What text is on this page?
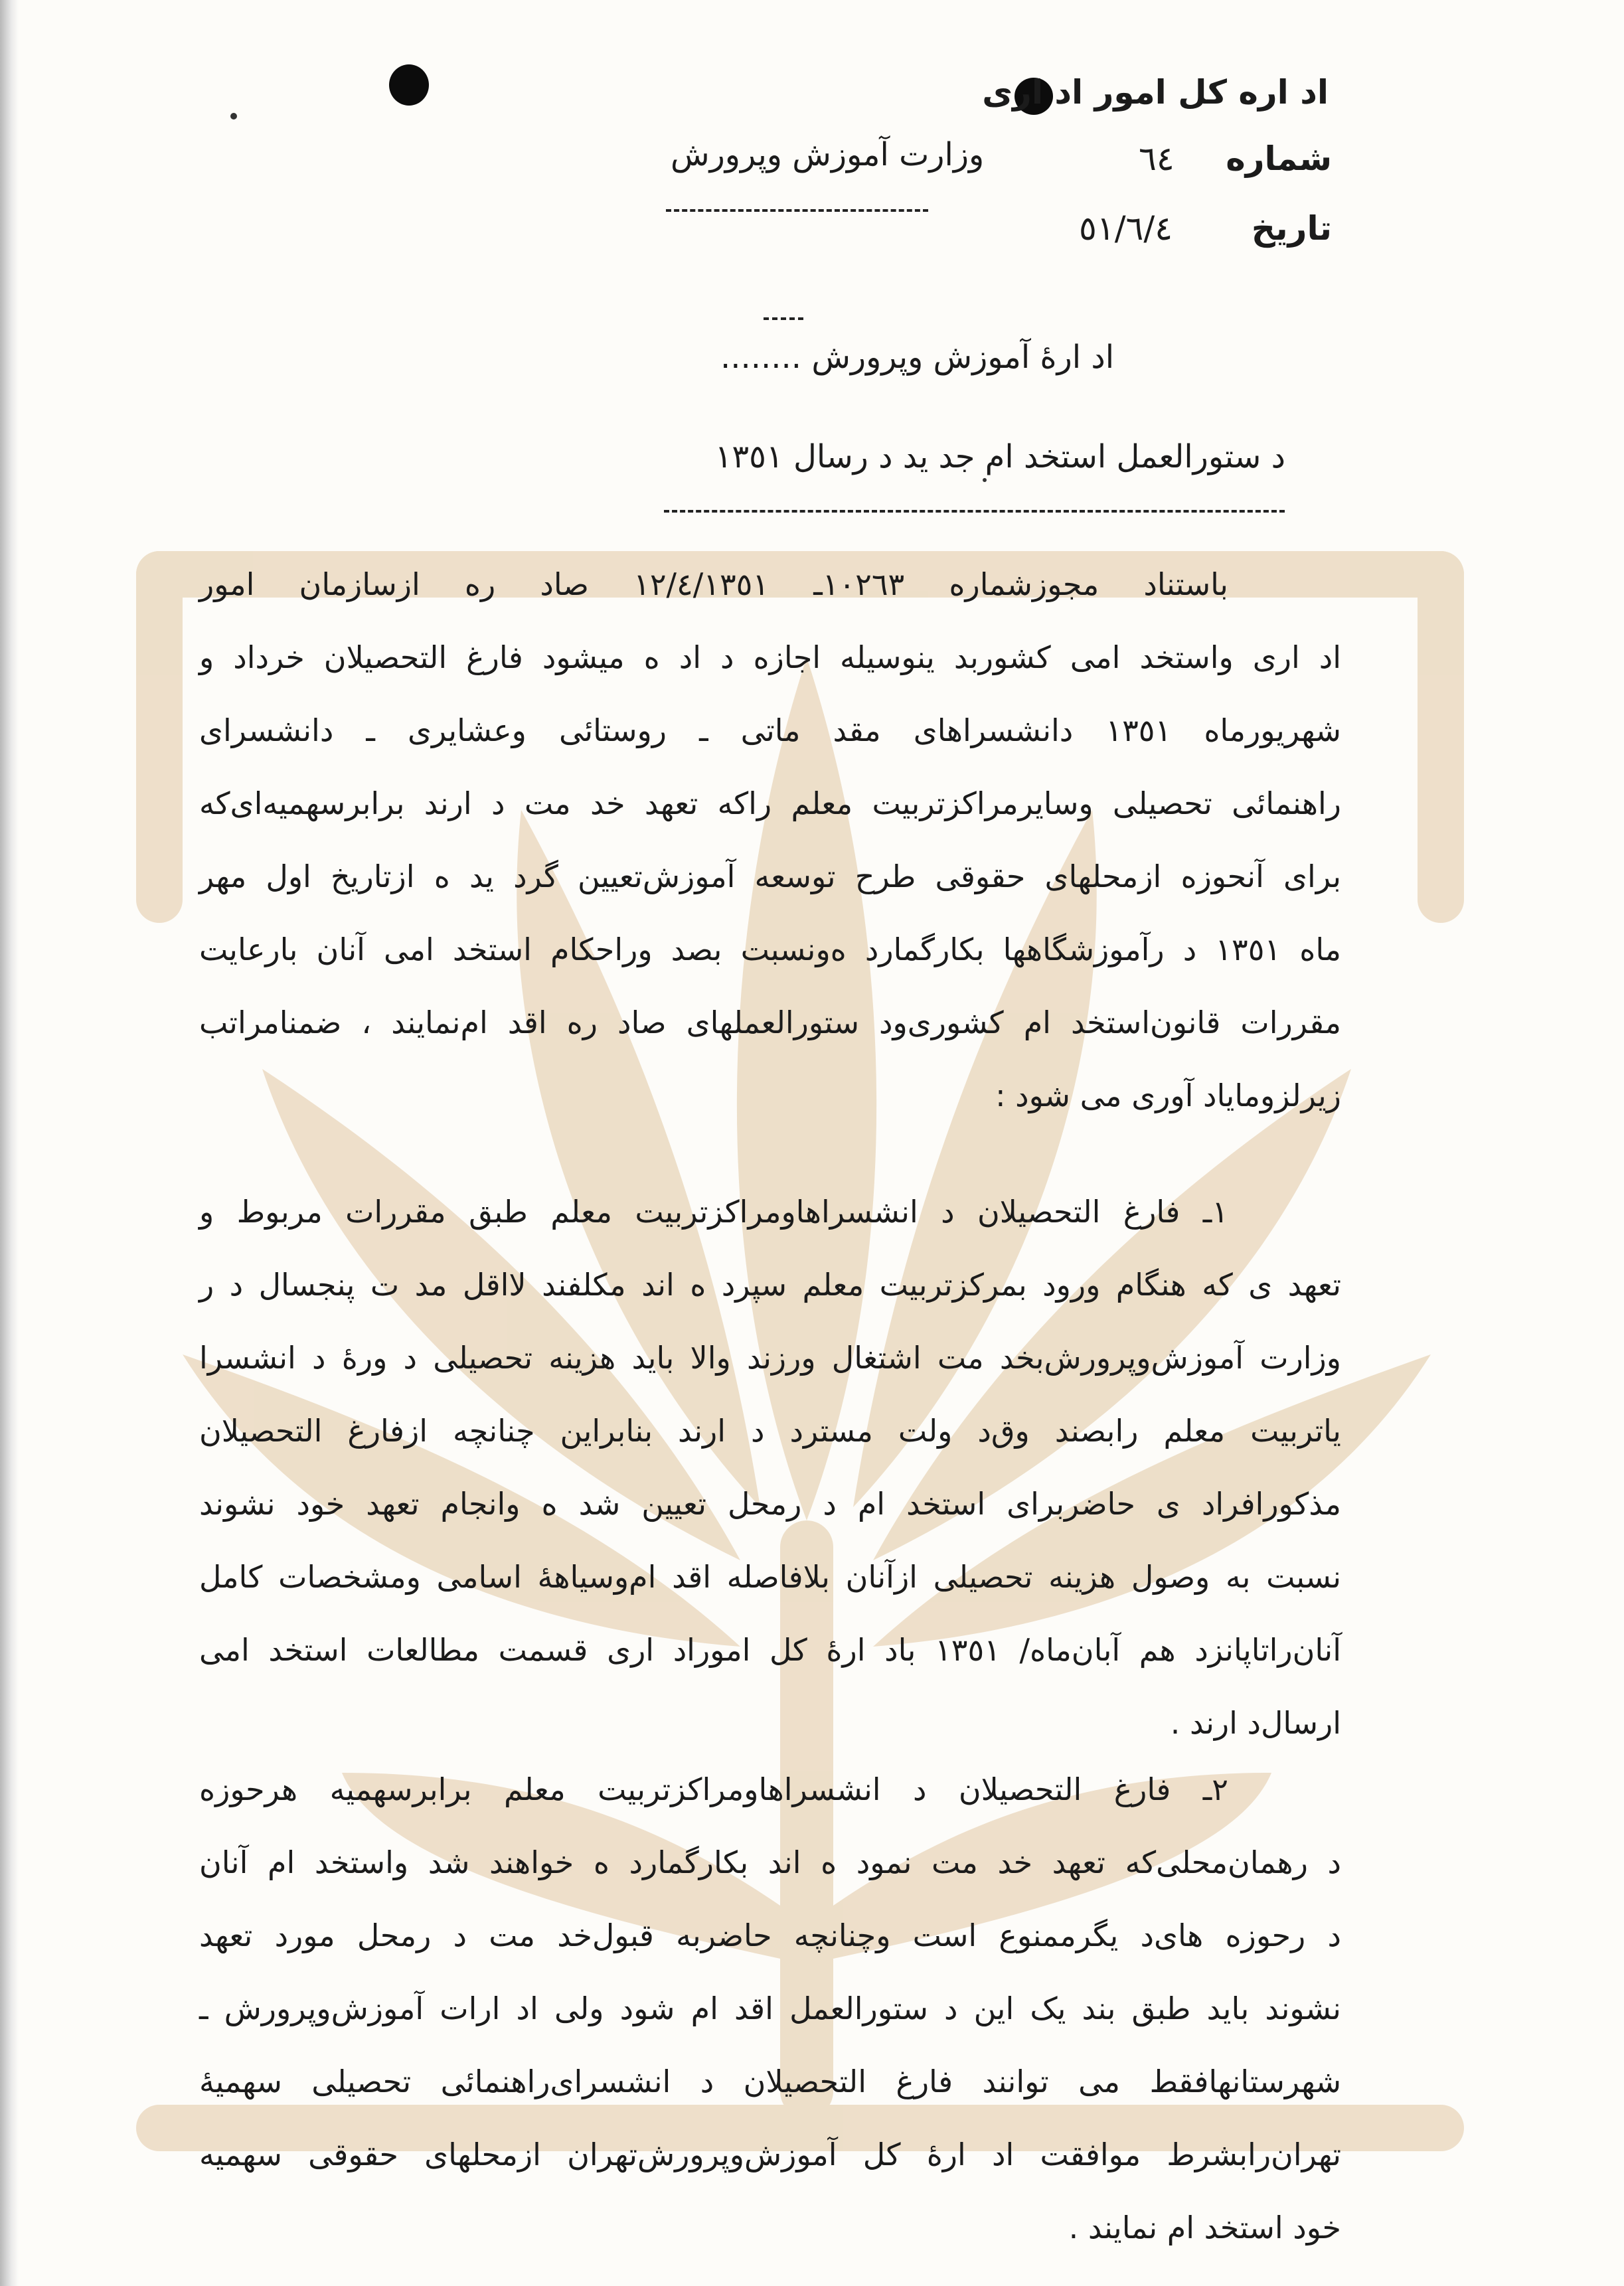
اد اره کل امور اد اری
شماره
٦٤
تاریخ
٥١/٦/٤
وزارت آموزش وپرورش
اد اره‌ٔ آموزش وپرورش ........
د ستورالعمل استخد ام جد ید د رسال ١٣٥١
باستناد مجوزشماره ١٠٢٦٣ـ ١٢/٤/١٣٥١ صاد ره ازسازمان امور
اد اری واستخد امی کشوربد ینوسیله اجازه د اد ه میشود فارغ التحصیلان خرداد و
شهریورماه ١٣٥١ دانشسراهای مقد ماتی ـ روستائی وعشایری ـ دانشسرای
راهنمائی تحصیلی وسایرمراکزتربیت معلم راکه تعهد خد مت د ارند برابرسهمیه‌ای‌که
برای آنحوزه ازمحلهای حقوقی طرح توسعه آموزش‌تعیین گرد ید ه ازتاریخ اول مهر
ماه ١٣٥١ د رآموزشگاهها بکارگمارد ه‌ونسبت بصد وراحکام استخد امی آنان بارعایت
مقررات قانون‌استخد ام کشوری‌ود ستورالعملهای صاد ره اقد ام‌نمایند ، ضمنا‌مراتب
زیرلزوما‌یاد آوری می شود :
١ـ فارغ التحصیلان د انشسراها‌ومراکزتربیت معلم طبق مقررات مربوط و
تعهد ی که هنگام ورود بمرکزتربیت معلم سپرد ه اند مکلفند لااقل مد ت پنجسال د ر
وزارت آموزش‌وپرورش‌بخد مت اشتغال ورزند والا باید هزینه تحصیلی د وره‌ٔ د انشسرا
یاتربیت معلم رابصند وق‌د ولت مسترد د ارند بنابراین چنانچه ازفارغ التحصیلان
مذکورافراد ی حاضربرای استخد ام د رمحل تعیین شد ه وانجام تعهد خود نشوند
نسبت به وصول هزینه تحصیلی ازآنان بلافاصله اقد ام‌وسیاهه‌ٔ اسامی ومشخصات کامل
آنان‌راتاپانزد هم آبان‌ماه/ ١٣٥١ باد اره‌ٔ کل اموراد اری قسمت مطالعات استخد امی
ارسال‌د ارند .
٢ـ فارغ التحصیلان د انشسراها‌ومراکزتربیت معلم برابرسهمیه هرحوزه
د رهمان‌محلی‌که تعهد خد مت نمود ه اند بکارگمارد ه خواهند شد واستخد ام آنان
د رحوزه های‌د یگرممنوع است وچنانچه حاضربه قبول‌خد مت د رمحل مورد تعهد
نشوند باید طبق بند یک این د ستورالعمل اقد ام شود ولی اد ارات آموزش‌وپرورش ـ
شهرستانها‌فقط می توانند فارغ التحصیلان د انشسرای‌راهنمائی تحصیلی سهمیه‌ٔ
تهران‌رابشرط موافقت اد اره‌ٔ کل آموزش‌وپرورش‌تهران ازمحلهای حقوقی سهمیه
خود استخد ام نمایند .
